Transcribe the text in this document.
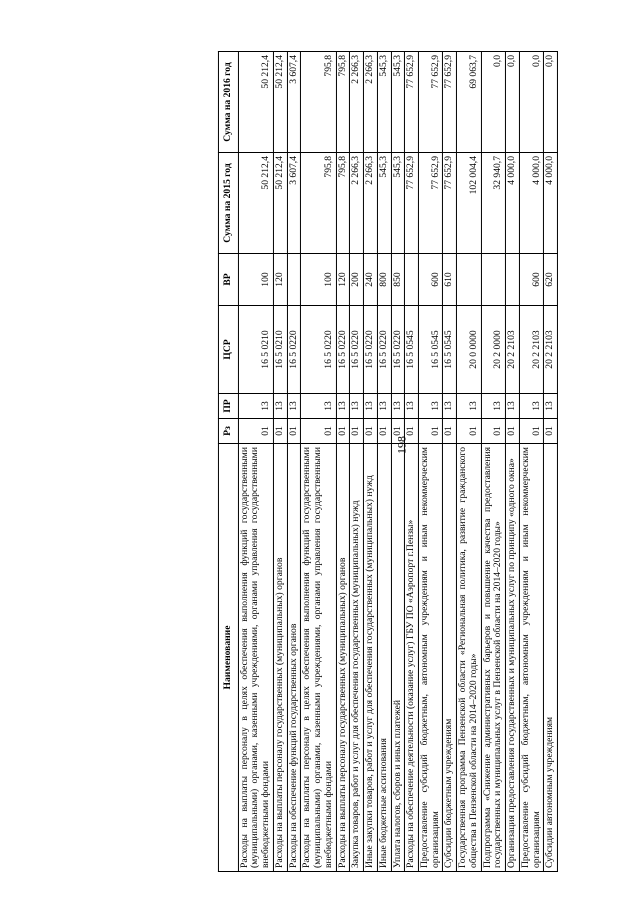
198
Наименование	Рз	ПР	ЦСР	ВР	Сумма на 2015 год	Сумма на 2016 год
Расходы на выплаты персоналу в целях обеспечения выполнения функций государственными (муниципальными) органами, казенными учреждениями, органами управления государственными внебюджетными фондами	01	13	16 5 0210	100	50 212,4	50 212,4
Расходы на выплаты персоналу государственных (муниципальных) органов	01	13	16 5 0210	120	50 212,4	50 212,4
Расходы на обеспечение функций государственных органов	01	13	16 5 0220		3 607,4	3 607,4
Расходы на выплаты персоналу в целях обеспечения выполнения функций государственными (муниципальными) органами, казенными учреждениями, органами управления государственными внебюджетными фондами	01	13	16 5 0220	100	795,8	795,8
Расходы на выплаты персоналу государственных (муниципальных) органов	01	13	16 5 0220	120	795,8	795,8
Закупка товаров, работ и услуг для обеспечения государственных (муниципальных) нужд	01	13	16 5 0220	200	2 266,3	2 266,3
Иные закупки товаров, работ и услуг для обеспечения государственных (муниципальных) нужд	01	13	16 5 0220	240	2 266,3	2 266,3
Иные бюджетные ассигнования	01	13	16 5 0220	800	545,3	545,3
Уплата налогов, сборов и иных платежей	01	13	16 5 0220	850	545,3	545,3
Расходы на обеспечение деятельности (оказание услуг) ГБУ ПО «Аэропорт г.Пензы»	01	13	16 5 0545		77 652,9	77 652,9
Предоставление субсидий бюджетным, автономным учреждениям и иным некоммерческим организациям	01	13	16 5 0545	600	77 652,9	77 652,9
Субсидии бюджетным учреждениям	01	13	16 5 0545	610	77 652,9	77 652,9
Государственная программа Пензенской области «Региональная политика, развитие гражданского общества в Пензенской области на 2014–2020 годы»	01	13	20 0 0000		102 004,4	69 063,7
Подпрограмма «Снижение административных барьеров и повышение качества предоставления государственных и муниципальных услуг в Пензенской области на 2014–2020 годы»	01	13	20 2 0000		32 940,7	0,0
Организация предоставления государственных и муниципальных услуг по принципу «одного окна»	01	13	20 2 2103		4 000,0	0,0
Предоставление субсидий бюджетным, автономным учреждениям и иным некоммерческим организациям	01	13	20 2 2103	600	4 000,0	0,0
Субсидии автономным учреждениям	01	13	20 2 2103	620	4 000,0	0,0
